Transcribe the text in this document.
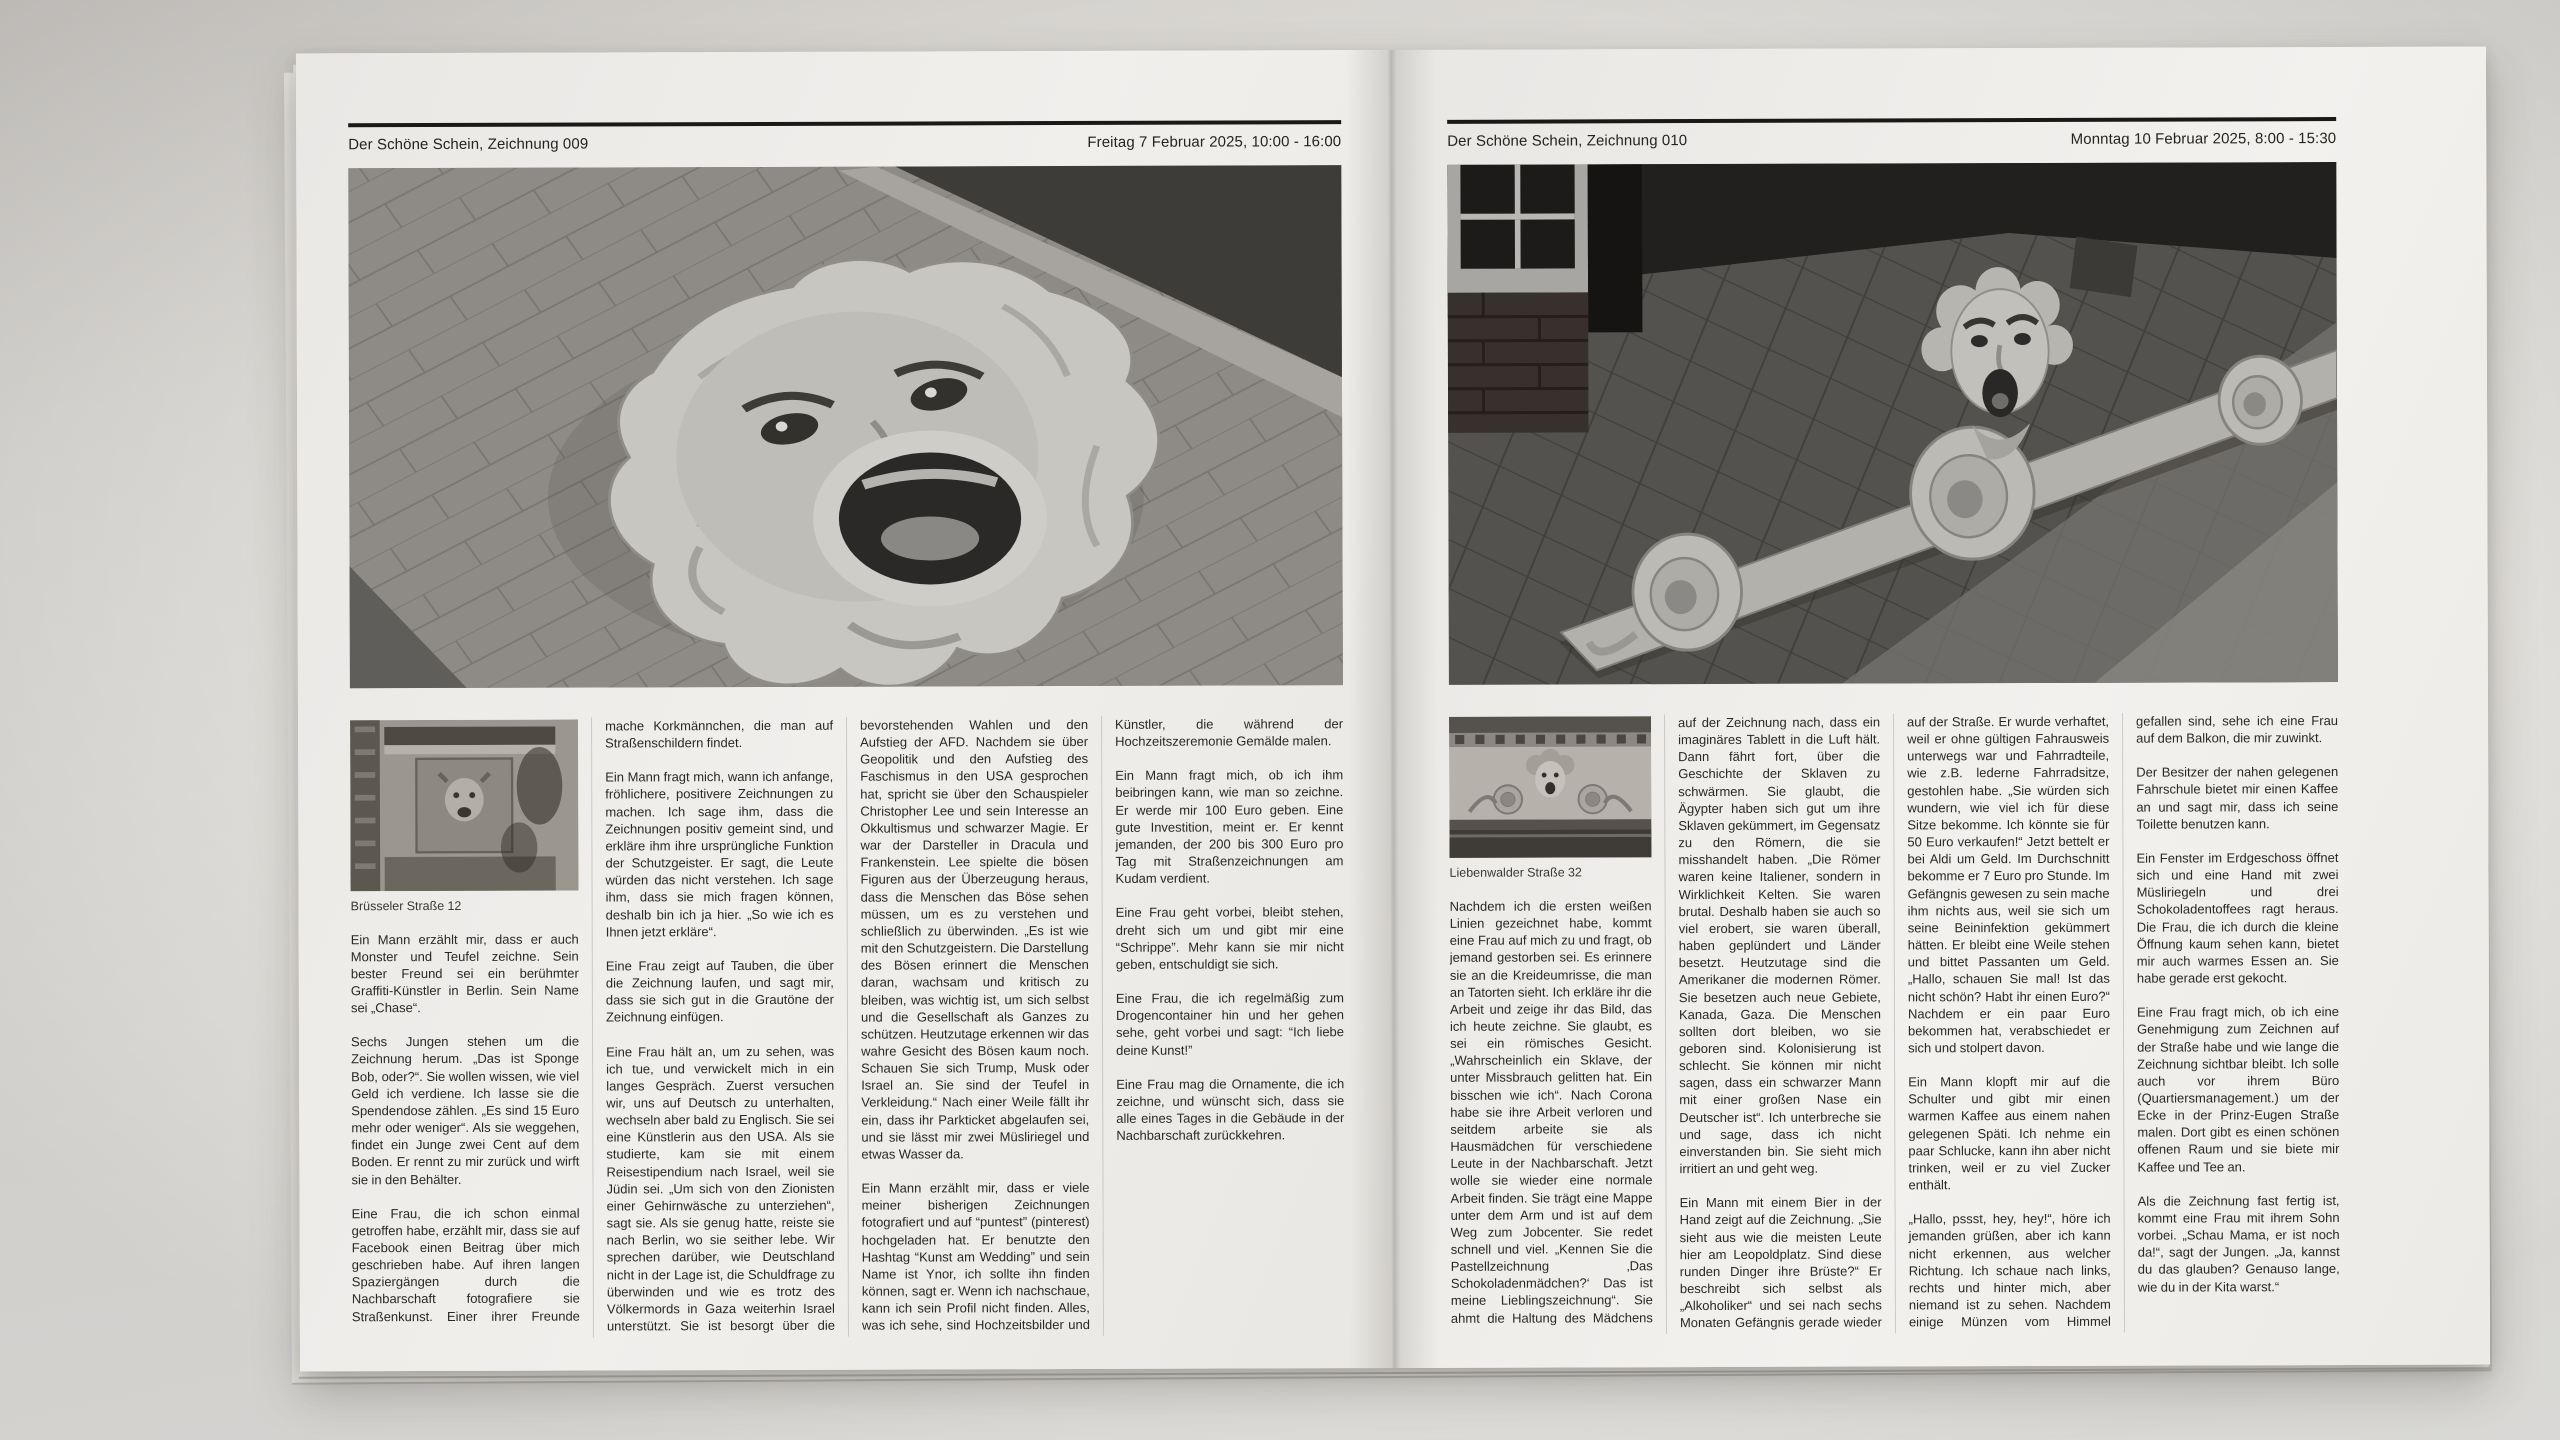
Der Schöne Schein, Zeichnung 009	Freitag 7 Februar 2025, 10:00 - 16:00
Brüsseler Straße 12

Ein Mann erzählt mir, dass er auch Monster und Teufel zeichne. Sein bester Freund sei ein berühmter Graffiti-Künstler in Berlin. Sein Name sei „Chase“.

Sechs Jungen stehen um die Zeichnung herum. „Das ist Sponge Bob, oder?“. Sie wollen wissen, wie viel Geld ich verdiene. Ich lasse sie die Spendendose zählen. „Es sind 15 Euro mehr oder weniger“. Als sie weggehen, findet ein Junge zwei Cent auf dem Boden. Er rennt zu mir zurück und wirft sie in den Behälter.

Eine Frau, die ich schon einmal getroffen habe, erzählt mir, dass sie auf Facebook einen Beitrag über mich geschrieben habe. Auf ihren langen Spaziergängen durch die Nachbarschaft fotografiere sie Straßenkunst. Einer ihrer Freunde mache Korkmännchen, die man auf Straßenschildern findet.

Ein Mann fragt mich, wann ich anfange, fröhlichere, positivere Zeichnungen zu machen. Ich sage ihm, dass die Zeichnungen positiv gemeint sind, und erkläre ihm ihre ursprüngliche Funktion der Schutzgeister. Er sagt, die Leute würden das nicht verstehen. Ich sage ihm, dass sie mich fragen können, deshalb bin ich ja hier. „So wie ich es Ihnen jetzt erkläre“.

Eine Frau zeigt auf Tauben, die über die Zeichnung laufen, und sagt mir, dass sie sich gut in die Grautöne der Zeichnung einfügen.

Eine Frau hält an, um zu sehen, was ich tue, und verwickelt mich in ein langes Gespräch. Zuerst versuchen wir, uns auf Deutsch zu unterhalten, wechseln aber bald zu Englisch. Sie sei eine Künstlerin aus den USA. Als sie studierte, kam sie mit einem Reisestipendium nach Israel, weil sie Jüdin sei. „Um sich von den Zionisten einer Gehirnwäsche zu unterziehen“, sagt sie. Als sie genug hatte, reiste sie nach Berlin, wo sie seither lebe. Wir sprechen darüber, wie Deutschland nicht in der Lage ist, die Schuldfrage zu überwinden und wie es trotz des Völkermords in Gaza weiterhin Israel unterstützt. Sie ist besorgt über die bevorstehenden Wahlen und den Aufstieg der AFD. Nachdem sie über Geopolitik und den Aufstieg des Faschismus in den USA gesprochen hat, spricht sie über den Schauspieler Christopher Lee und sein Interesse an Okkultismus und schwarzer Magie. Er war der Darsteller in Dracula und Frankenstein. Lee spielte die bösen Figuren aus der Überzeugung heraus, dass die Menschen das Böse sehen müssen, um es zu verstehen und schließlich zu überwinden. „Es ist wie mit den Schutzgeistern. Die Darstellung des Bösen erinnert die Menschen daran, wachsam und kritisch zu bleiben, was wichtig ist, um sich selbst und die Gesellschaft als Ganzes zu schützen. Heutzutage erkennen wir das wahre Gesicht des Bösen kaum noch. Schauen Sie sich Trump, Musk oder Israel an. Sie sind der Teufel in Verkleidung.“ Nach einer Weile fällt ihr ein, dass ihr Parkticket abgelaufen sei, und sie lässt mir zwei Müsliriegel und etwas Wasser da.

Ein Mann erzählt mir, dass er viele meiner bisherigen Zeichnungen fotografiert und auf “puntest” (pinterest) hochgeladen hat. Er benutzte den Hashtag “Kunst am Wedding” und sein Name ist Ynor, ich sollte ihn finden können, sagt er. Wenn ich nachschaue, kann ich sein Profil nicht finden. Alles, was ich sehe, sind Hochzeitsbilder und Künstler, die während der Hochzeitszeremonie Gemälde malen.

Ein Mann fragt mich, ob ich ihm beibringen kann, wie man so zeichne. Er werde mir 100 Euro geben. Eine gute Investition, meint er. Er kennt jemanden, der 200 bis 300 Euro pro Tag mit Straßenzeichnungen am Kudam verdient.

Eine Frau geht vorbei, bleibt stehen, dreht sich um und gibt mir eine “Schrippe”. Mehr kann sie mir nicht geben, entschuldigt sie sich.

Eine Frau, die ich regelmäßig zum Drogencontainer hin und her gehen sehe, geht vorbei und sagt: “Ich liebe deine Kunst!”

Eine Frau mag die Ornamente, die ich zeichne, und wünscht sich, dass sie alle eines Tages in die Gebäude in der Nachbarschaft zurückkehren.

Der Schöne Schein, Zeichnung 010	Monntag 10 Februar 2025, 8:00 - 15:30
Liebenwalder Straße 32

Nachdem ich die ersten weißen Linien gezeichnet habe, kommt eine Frau auf mich zu und fragt, ob jemand gestorben sei. Es erinnere sie an die Kreideumrisse, die man an Tatorten sieht. Ich erkläre ihr die Arbeit und zeige ihr das Bild, das ich heute zeichne. Sie glaubt, es sei ein römisches Gesicht. „Wahrscheinlich ein Sklave, der unter Missbrauch gelitten hat. Ein bisschen wie ich“. Nach Corona habe sie ihre Arbeit verloren und seitdem arbeite sie als Hausmädchen für verschiedene Leute in der Nachbarschaft. Jetzt wolle sie wieder eine normale Arbeit finden. Sie trägt eine Mappe unter dem Arm und ist auf dem Weg zum Jobcenter. Sie redet schnell und viel. „Kennen Sie die Pastellzeichnung ‚Das Schokoladenmädchen?‘ Das ist meine Lieblingszeichnung“. Sie ahmt die Haltung des Mädchens auf der Zeichnung nach, dass ein imaginäres Tablett in die Luft hält. Dann fährt fort, über die Geschichte der Sklaven zu schwärmen. Sie glaubt, die Ägypter haben sich gut um ihre Sklaven gekümmert, im Gegensatz zu den Römern, die sie misshandelt haben. „Die Römer waren keine Italiener, sondern in Wirklichkeit Kelten. Sie waren brutal. Deshalb haben sie auch so viel erobert, sie waren überall, haben geplündert und Länder besetzt. Heutzutage sind die Amerikaner die modernen Römer. Sie besetzen auch neue Gebiete, Kanada, Gaza. Die Menschen sollten dort bleiben, wo sie geboren sind. Kolonisierung ist schlecht. Sie können mir nicht sagen, dass ein schwarzer Mann mit einer großen Nase ein Deutscher ist“. Ich unterbreche sie und sage, dass ich nicht einverstanden bin. Sie sieht mich irritiert an und geht weg.

Ein Mann mit einem Bier in der Hand zeigt auf die Zeichnung. „Sie sieht aus wie die meisten Leute hier am Leopoldplatz. Sind diese runden Dinger ihre Brüste?“ Er beschreibt sich selbst als „Alkoholiker“ und sei nach sechs Monaten Gefängnis gerade wieder auf der Straße. Er wurde verhaftet, weil er ohne gültigen Fahrausweis unterwegs war und Fahrradteile, wie z.B. lederne Fahrradsitze, gestohlen habe. „Sie würden sich wundern, wie viel ich für diese Sitze bekomme. Ich könnte sie für 50 Euro verkaufen!“ Jetzt bettelt er bei Aldi um Geld. Im Durchschnitt bekomme er 7 Euro pro Stunde. Im Gefängnis gewesen zu sein mache ihm nichts aus, weil sie sich um seine Beininfektion gekümmert hätten. Er bleibt eine Weile stehen und bittet Passanten um Geld. „Hallo, schauen Sie mal! Ist das nicht schön? Habt ihr einen Euro?“ Nachdem er ein paar Euro bekommen hat, verabschiedet er sich und stolpert davon.

Ein Mann klopft mir auf die Schulter und gibt mir einen warmen Kaffee aus einem nahen gelegenen Späti. Ich nehme ein paar Schlucke, kann ihn aber nicht trinken, weil er zu viel Zucker enthält.

„Hallo, pssst, hey, hey!“, höre ich jemanden grüßen, aber ich kann nicht erkennen, aus welcher Richtung. Ich schaue nach links, rechts und hinter mich, aber niemand ist zu sehen. Nachdem einige Münzen vom Himmel gefallen sind, sehe ich eine Frau auf dem Balkon, die mir zuwinkt.

Der Besitzer der nahen gelegenen Fahrschule bietet mir einen Kaffee an und sagt mir, dass ich seine Toilette benutzen kann.

Ein Fenster im Erdgeschoss öffnet sich und eine Hand mit zwei Müsliriegeln und drei Schokoladentoffees ragt heraus. Die Frau, die ich durch die kleine Öffnung kaum sehen kann, bietet mir auch warmes Essen an. Sie habe gerade erst gekocht.

Eine Frau fragt mich, ob ich eine Genehmigung zum Zeichnen auf der Straße habe und wie lange die Zeichnung sichtbar bleibt. Ich solle auch vor ihrem Büro (Quartiersmanagement.) um der Ecke in der Prinz-Eugen Straße malen. Dort gibt es einen schönen offenen Raum und sie biete mir Kaffee und Tee an.

Als die Zeichnung fast fertig ist, kommt eine Frau mit ihrem Sohn vorbei. „Schau Mama, er ist noch da!“, sagt der Jungen. „Ja, kannst du das glauben? Genauso lange, wie du in der Kita warst.“
